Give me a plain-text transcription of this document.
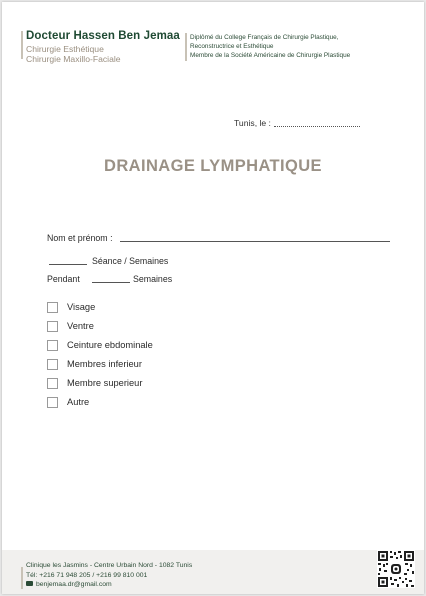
Docteur Hassen Ben Jemaa
Chirurgie Esthétique
Chirurgie Maxillo-Faciale
Diplômé du College Français de Chirurgie Plastique,
Reconstructrice et Esthétique
Membre de la Société Américaine de Chirurgie Plastique
Tunis, le :
DRAINAGE LYMPHATIQUE
Nom et prénom :
Séance / Semaines
Pendant	Semaines
Visage
Ventre
Ceinture ebdominale
Membres inferieur
Membre superieur
Autre
Clinique les Jasmins - Centre Urbain Nord - 1082 Tunis
Tél: +216 71 948 205 / +216 99 810 001
benjemaa.dr@gmail.com
